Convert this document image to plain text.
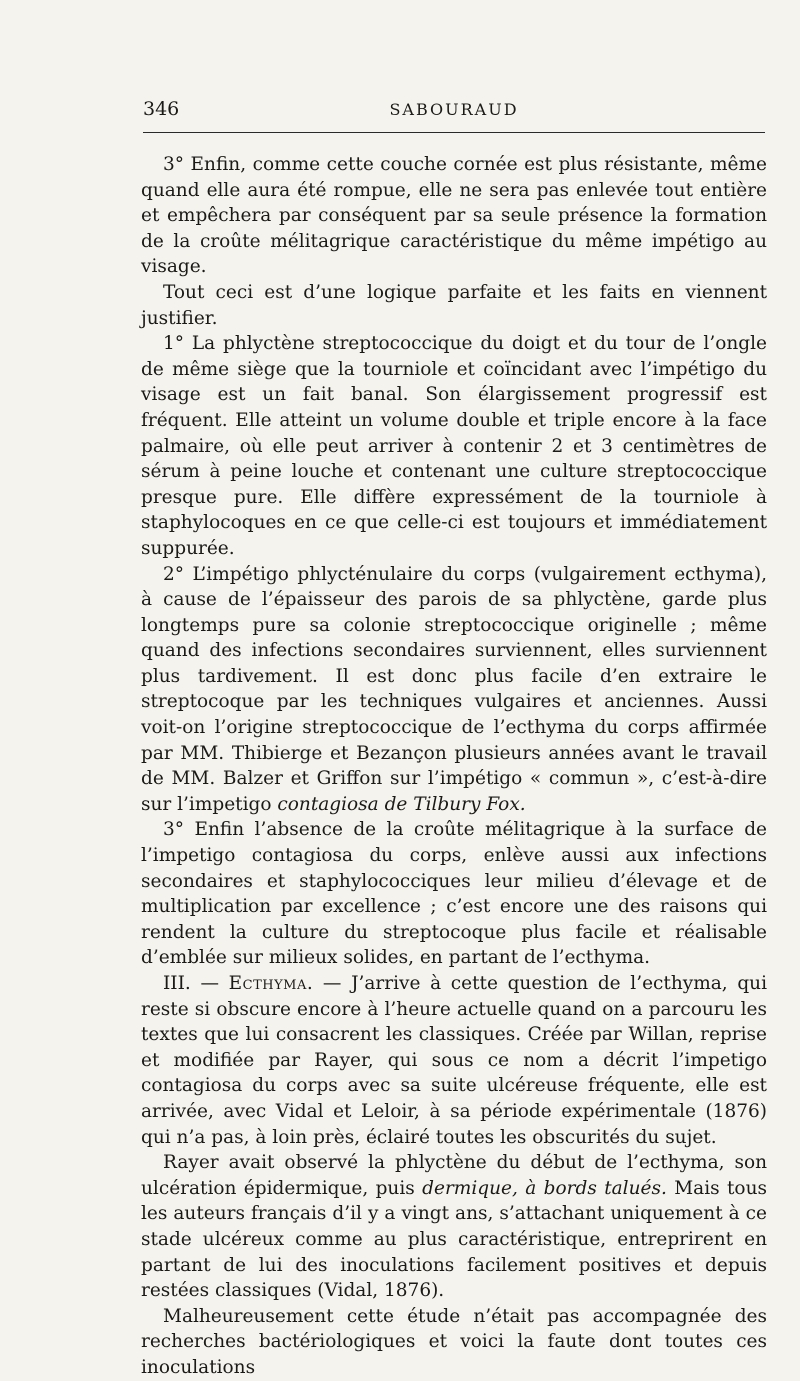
346	SABOURAUD

3° Enfin, comme cette couche cornée est plus résistante, même quand elle aura été rompue, elle ne sera pas enlevée tout entière et empêchera par conséquent par sa seule présence la formation de la croûte mélitagrique caractéristique du même impétigo au visage.

Tout ceci est d’une logique parfaite et les faits en viennent justifier.

1° La phlyctène streptococcique du doigt et du tour de l’ongle de même siège que la tourniole et coïncidant avec l’impétigo du visage est un fait banal. Son élargissement progressif est fréquent. Elle atteint un volume double et triple encore à la face palmaire, où elle peut arriver à contenir 2 et 3 centimètres de sérum à peine louche et contenant une culture streptococcique presque pure. Elle diffère expressément de la tourniole à staphylocoques en ce que celle-ci est toujours et immédiatement suppurée.

2° L’impétigo phlycténulaire du corps (vulgairement ecthyma), à cause de l’épaisseur des parois de sa phlyctène, garde plus longtemps pure sa colonie streptococcique originelle ; même quand des infections secondaires surviennent, elles surviennent plus tardivement. Il est donc plus facile d’en extraire le streptocoque par les techniques vulgaires et anciennes. Aussi voit-on l’origine streptococcique de l’ecthyma du corps affirmée par MM. Thibierge et Bezançon plusieurs années avant le travail de MM. Balzer et Griffon sur l’impétigo « commun », c’est-à-dire sur l’impetigo contagiosa de Tilbury Fox.

3° Enfin l’absence de la croûte mélitagrique à la surface de l’impetigo contagiosa du corps, enlève aussi aux infections secondaires et staphylococciques leur milieu d’élevage et de multiplication par excellence ; c’est encore une des raisons qui rendent la culture du streptocoque plus facile et réalisable d’emblée sur milieux solides, en partant de l’ecthyma.

III. — Ecthyma. — J’arrive à cette question de l’ecthyma, qui reste si obscure encore à l’heure actuelle quand on a parcouru les textes que lui consacrent les classiques. Créée par Willan, reprise et modifiée par Rayer, qui sous ce nom a décrit l’impetigo contagiosa du corps avec sa suite ulcéreuse fréquente, elle est arrivée, avec Vidal et Leloir, à sa période expérimentale (1876) qui n’a pas, à loin près, éclairé toutes les obscurités du sujet.

Rayer avait observé la phlyctène du début de l’ecthyma, son ulcération épidermique, puis dermique, à bords talués. Mais tous les auteurs français d’il y a vingt ans, s’attachant uniquement à ce stade ulcéreux comme au plus caractéristique, entreprirent en partant de lui des inoculations facilement positives et depuis restées classiques (Vidal, 1876).

Malheureusement cette étude n’était pas accompagnée des recherches bactériologiques et voici la faute dont toutes ces inoculations
